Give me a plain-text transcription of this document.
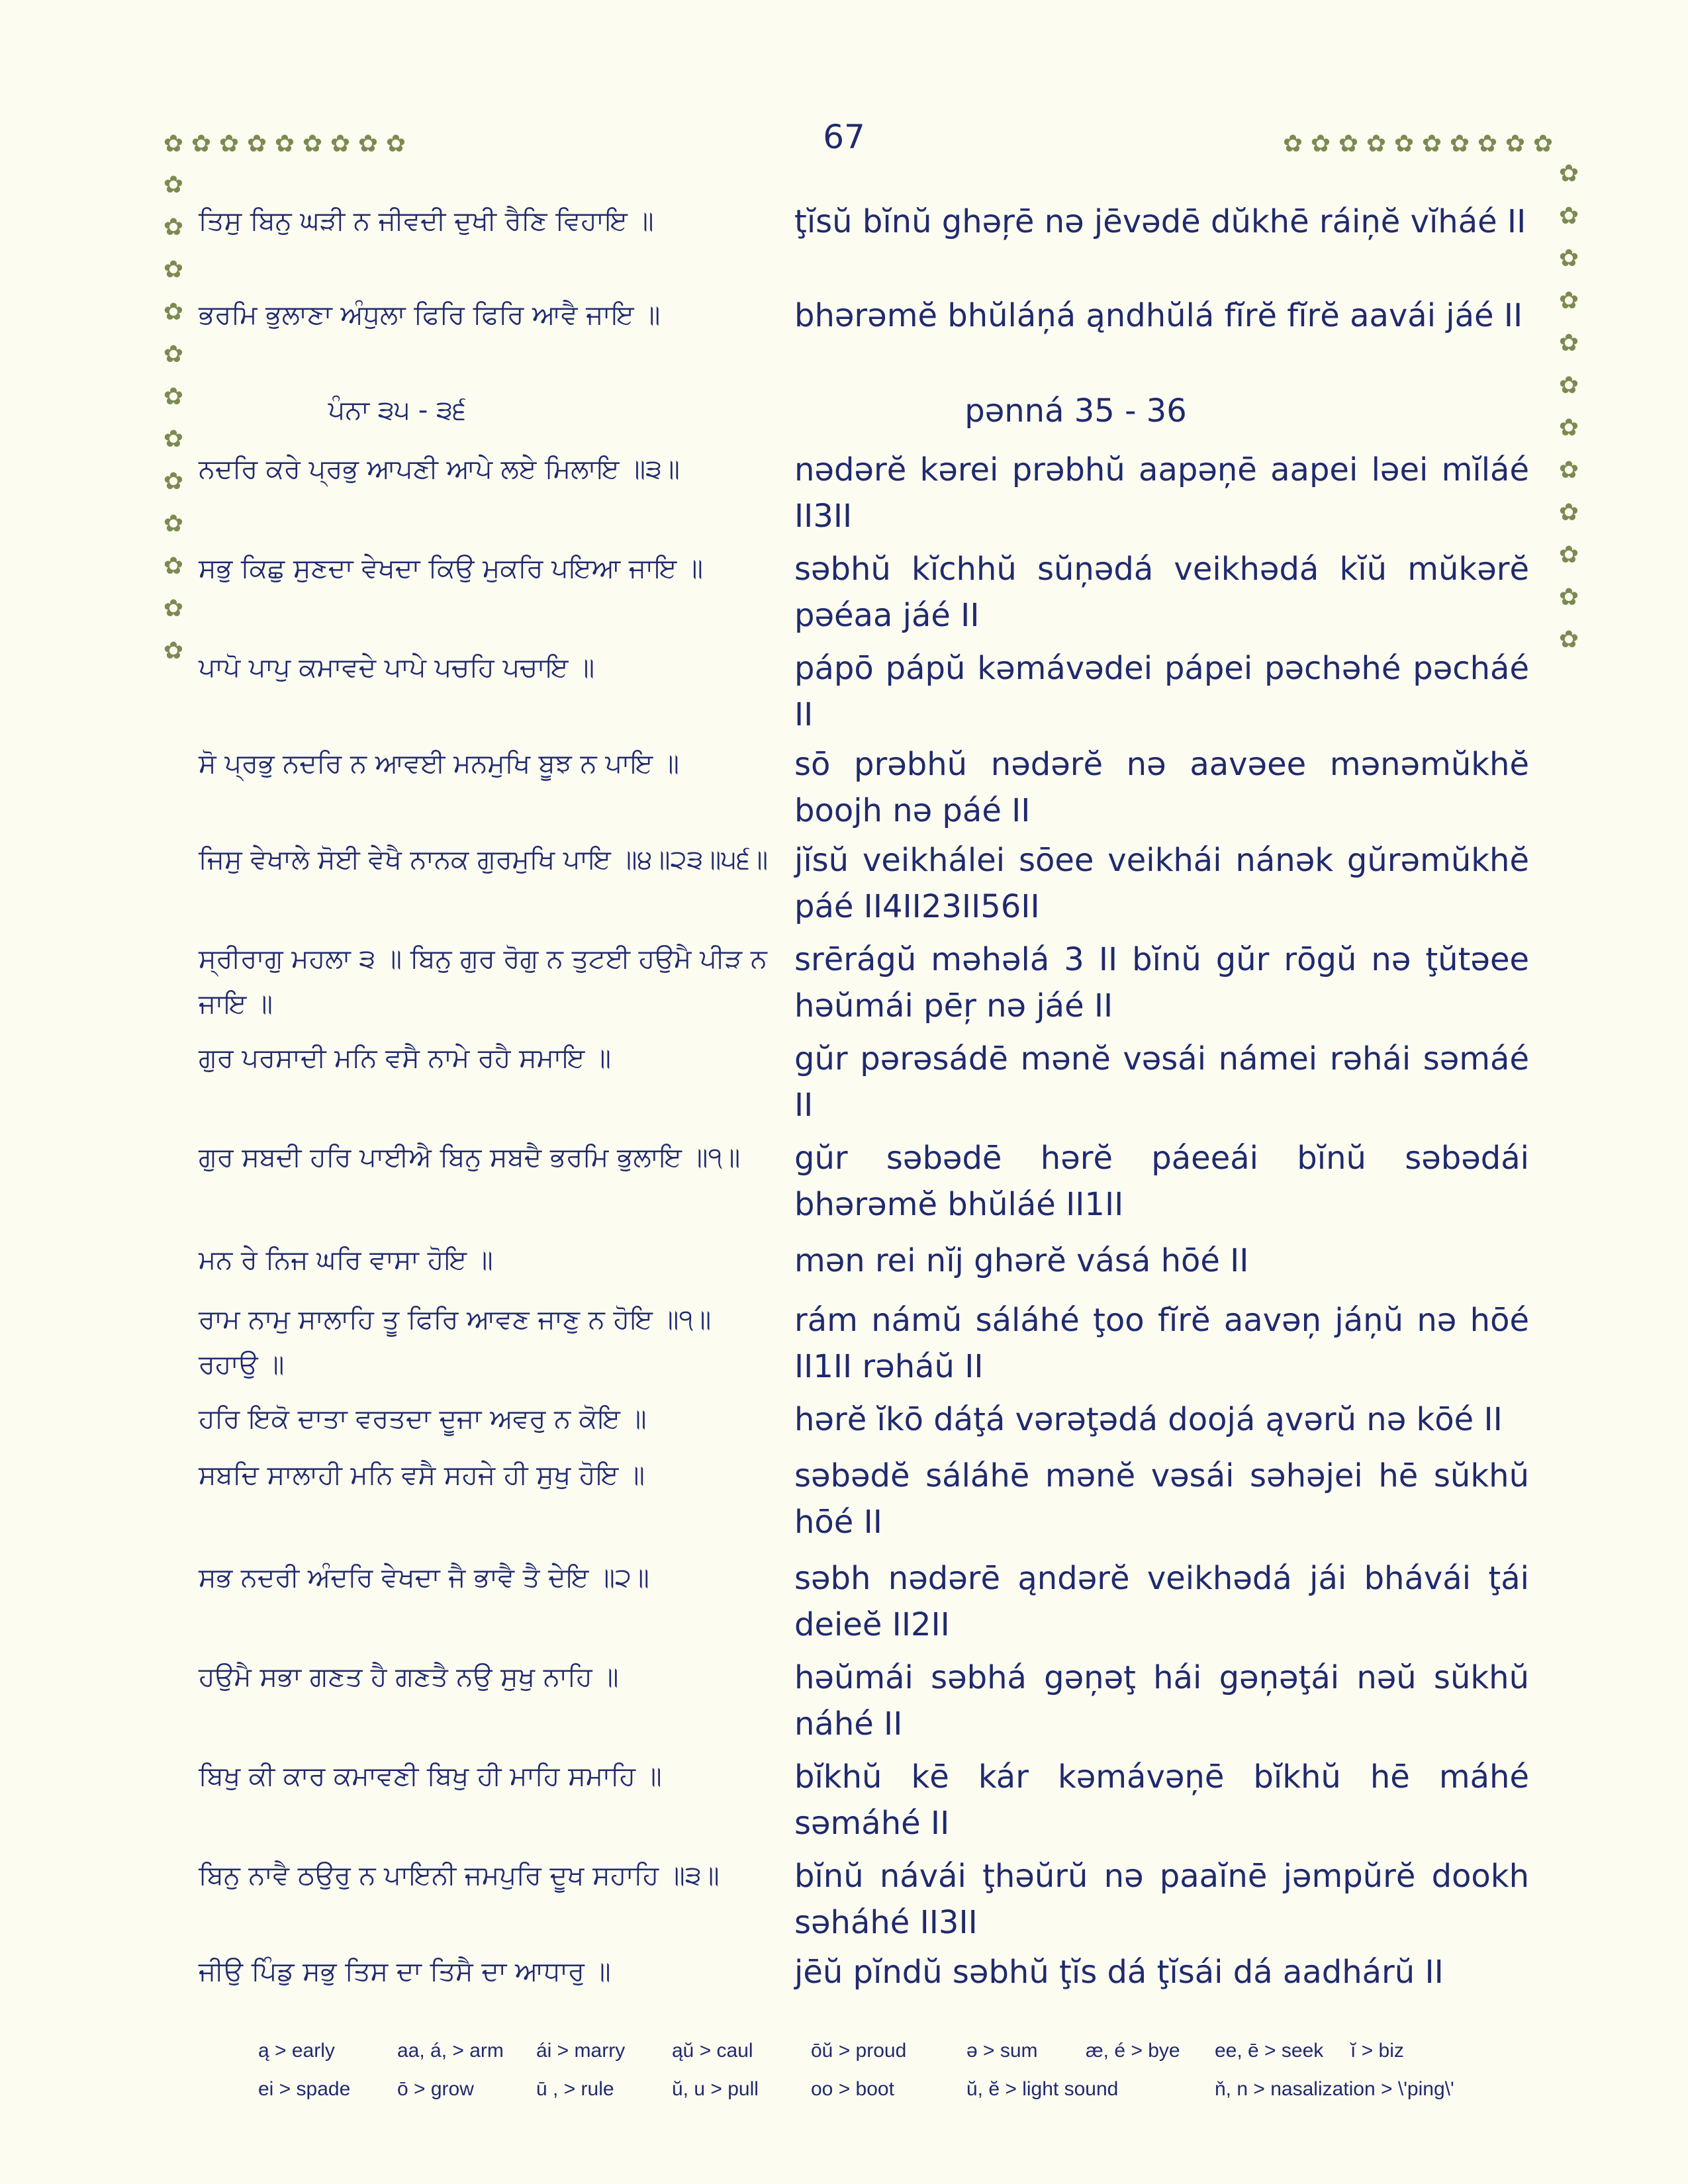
67
✿ ✿ ✿ ✿ ✿ ✿ ✿ ✿ ✿	✿ ✿ ✿ ✿ ✿ ✿ ✿ ✿ ✿ ✿
✿
✿
✿
✿
✿
✿
✿
✿
✿
✿
✿
✿
✿
✿
✿
✿
✿
✿
✿
✿
✿
✿
✿
✿
ਤਿਸੁ ਬਿਨੁ ਘੜੀ ਨ ਜੀਵਦੀ ਦੁਖੀ ਰੈਣਿ ਵਿਹਾਇ ॥	ţĭsŭ bĭnŭ ghəŗē nə jēvədē dŭkhē ráiņĕ vĭháé II
ਭਰਮਿ ਭੁਲਾਣਾ ਅੰਧੁਲਾ ਫਿਰਿ ਫਿਰਿ ਆਵੈ ਜਾਇ ॥	bhərəmĕ bhŭláņá ąndhŭlá fĭrĕ fĭrĕ aavái jáé II
ਪੰਨਾ ੩੫ - ੩੬	pənná 35 - 36
ਨਦਰਿ ਕਰੇ ਪ੍ਰਭੁ ਆਪਣੀ ਆਪੇ ਲਏ ਮਿਲਾਇ ॥੩॥	nədərĕ kərei prəbhŭ aapəņē aapei ləei mĭláé II3II
ਸਭੁ ਕਿਛੁ ਸੁਣਦਾ ਵੇਖਦਾ ਕਿਉ ਮੁਕਰਿ ਪਇਆ ਜਾਇ ॥	səbhŭ kĭchhŭ sŭņədá veikhədá kĭŭ mŭkərĕ pəéaa jáé II
ਪਾਪੋ ਪਾਪੁ ਕਮਾਵਦੇ ਪਾਪੇ ਪਚਹਿ ਪਚਾਇ ॥	pápō pápŭ kəmávədei pápei pəchəhé pəcháé II
ਸੋ ਪ੍ਰਭੁ ਨਦਰਿ ਨ ਆਵਈ ਮਨਮੁਖਿ ਬੂਝ ਨ ਪਾਇ ॥	sō prəbhŭ nədərĕ nə aavəee mənəmŭkhĕ boojh nə páé II
ਜਿਸੁ ਵੇਖਾਲੇ ਸੋਈ ਵੇਖੈ ਨਾਨਕ ਗੁਰਮੁਖਿ ਪਾਇ ॥੪॥੨੩॥੫੬॥ jĭsŭ veikhálei sōee veikhái nánək gŭrəmŭkhĕ páé II4II23II56II
ਸ੍ਰੀਰਾਗੁ ਮਹਲਾ ੩ ॥ ਬਿਨੁ ਗੁਰ ਰੋਗੁ ਨ ਤੁਟਈ ਹਉਮੈ ਪੀੜ ਨ ਜਾਇ ॥
srērágŭ məhəlá 3 II bĭnŭ gŭr rōgŭ nə ţŭtəee həŭmái pēŗ nə jáé II
ਗੁਰ ਪਰਸਾਦੀ ਮਨਿ ਵਸੈ ਨਾਮੇ ਰਹੈ ਸਮਾਇ ॥	gŭr pərəsádē mənĕ vəsái námei rəhái səmáé II
ਗੁਰ ਸਬਦੀ ਹਰਿ ਪਾਈਐ ਬਿਨੁ ਸਬਦੈ ਭਰਮਿ ਭੁਲਾਇ ॥੧॥	gŭr səbədē hərĕ páeeái bĭnŭ səbədái bhərəmĕ bhŭláé II1II
ਮਨ ਰੇ ਨਿਜ ਘਰਿ ਵਾਸਾ ਹੋਇ ॥	mən rei nĭj ghərĕ vásá hōé II
ਰਾਮ ਨਾਮੁ ਸਾਲਾਹਿ ਤੂ ਫਿਰਿ ਆਵਣ ਜਾਣੁ ਨ ਹੋਇ ॥੧॥ ਰਹਾਉ ॥
rám námŭ sáláhé ţoo fĭrĕ aavəņ jáņŭ nə hōé II1II rəháŭ II
ਹਰਿ ਇਕੋ ਦਾਤਾ ਵਰਤਦਾ ਦੂਜਾ ਅਵਰੁ ਨ ਕੋਇ ॥	hərĕ ĭkō dáţá vərəţədá doojá ąvərŭ nə kōé II
ਸਬਦਿ ਸਾਲਾਹੀ ਮਨਿ ਵਸੈ ਸਹਜੇ ਹੀ ਸੁਖੁ ਹੋਇ ॥	səbədĕ sáláhē mənĕ vəsái səhəjei hē sŭkhŭ hōé II
ਸਭ ਨਦਰੀ ਅੰਦਰਿ ਵੇਖਦਾ ਜੈ ਭਾਵੈ ਤੈ ਦੇਇ ॥੨॥	səbh nədərē ąndərĕ veikhədá jái bhávái ţái deieĕ II2II
ਹਉਮੈ ਸਭਾ ਗਣਤ ਹੈ ਗਣਤੈ ਨਉ ਸੁਖੁ ਨਾਹਿ ॥	həŭmái səbhá gəņəţ hái gəņəţái nəŭ sŭkhŭ náhé II
ਬਿਖੁ ਕੀ ਕਾਰ ਕਮਾਵਣੀ ਬਿਖੁ ਹੀ ਮਾਹਿ ਸਮਾਹਿ ॥	bĭkhŭ kē kár kəmávəņē bĭkhŭ hē máhé səmáhé II
ਬਿਨੁ ਨਾਵੈ ਠਉਰੁ ਨ ਪਾਇਨੀ ਜਮਪੁਰਿ ਦੂਖ ਸਹਾਹਿ ॥੩॥	bĭnŭ návái ţhəŭrŭ nə paaĭnē jəmpŭrĕ dookh səháhé II3II
ਜੀਉ ਪਿੰਡੁ ਸਭੁ ਤਿਸ ਦਾ ਤਿਸੈ ਦਾ ਆਧਾਰੁ ॥	jēŭ pĭndŭ səbhŭ ţĭs dá ţĭsái dá aadhárŭ II
ą > early	aa, á, > arm	ái > marry	ąŭ > caul	ōŭ > proud	ə > sum	æ, é > bye	ee, ē > seek	ĭ > biz
ei > spade	ō > grow	ū , > rule	ŭ, u > pull	oo > boot	ŭ, ĕ > light sound	ň, n > nasalization > \'ping\'
